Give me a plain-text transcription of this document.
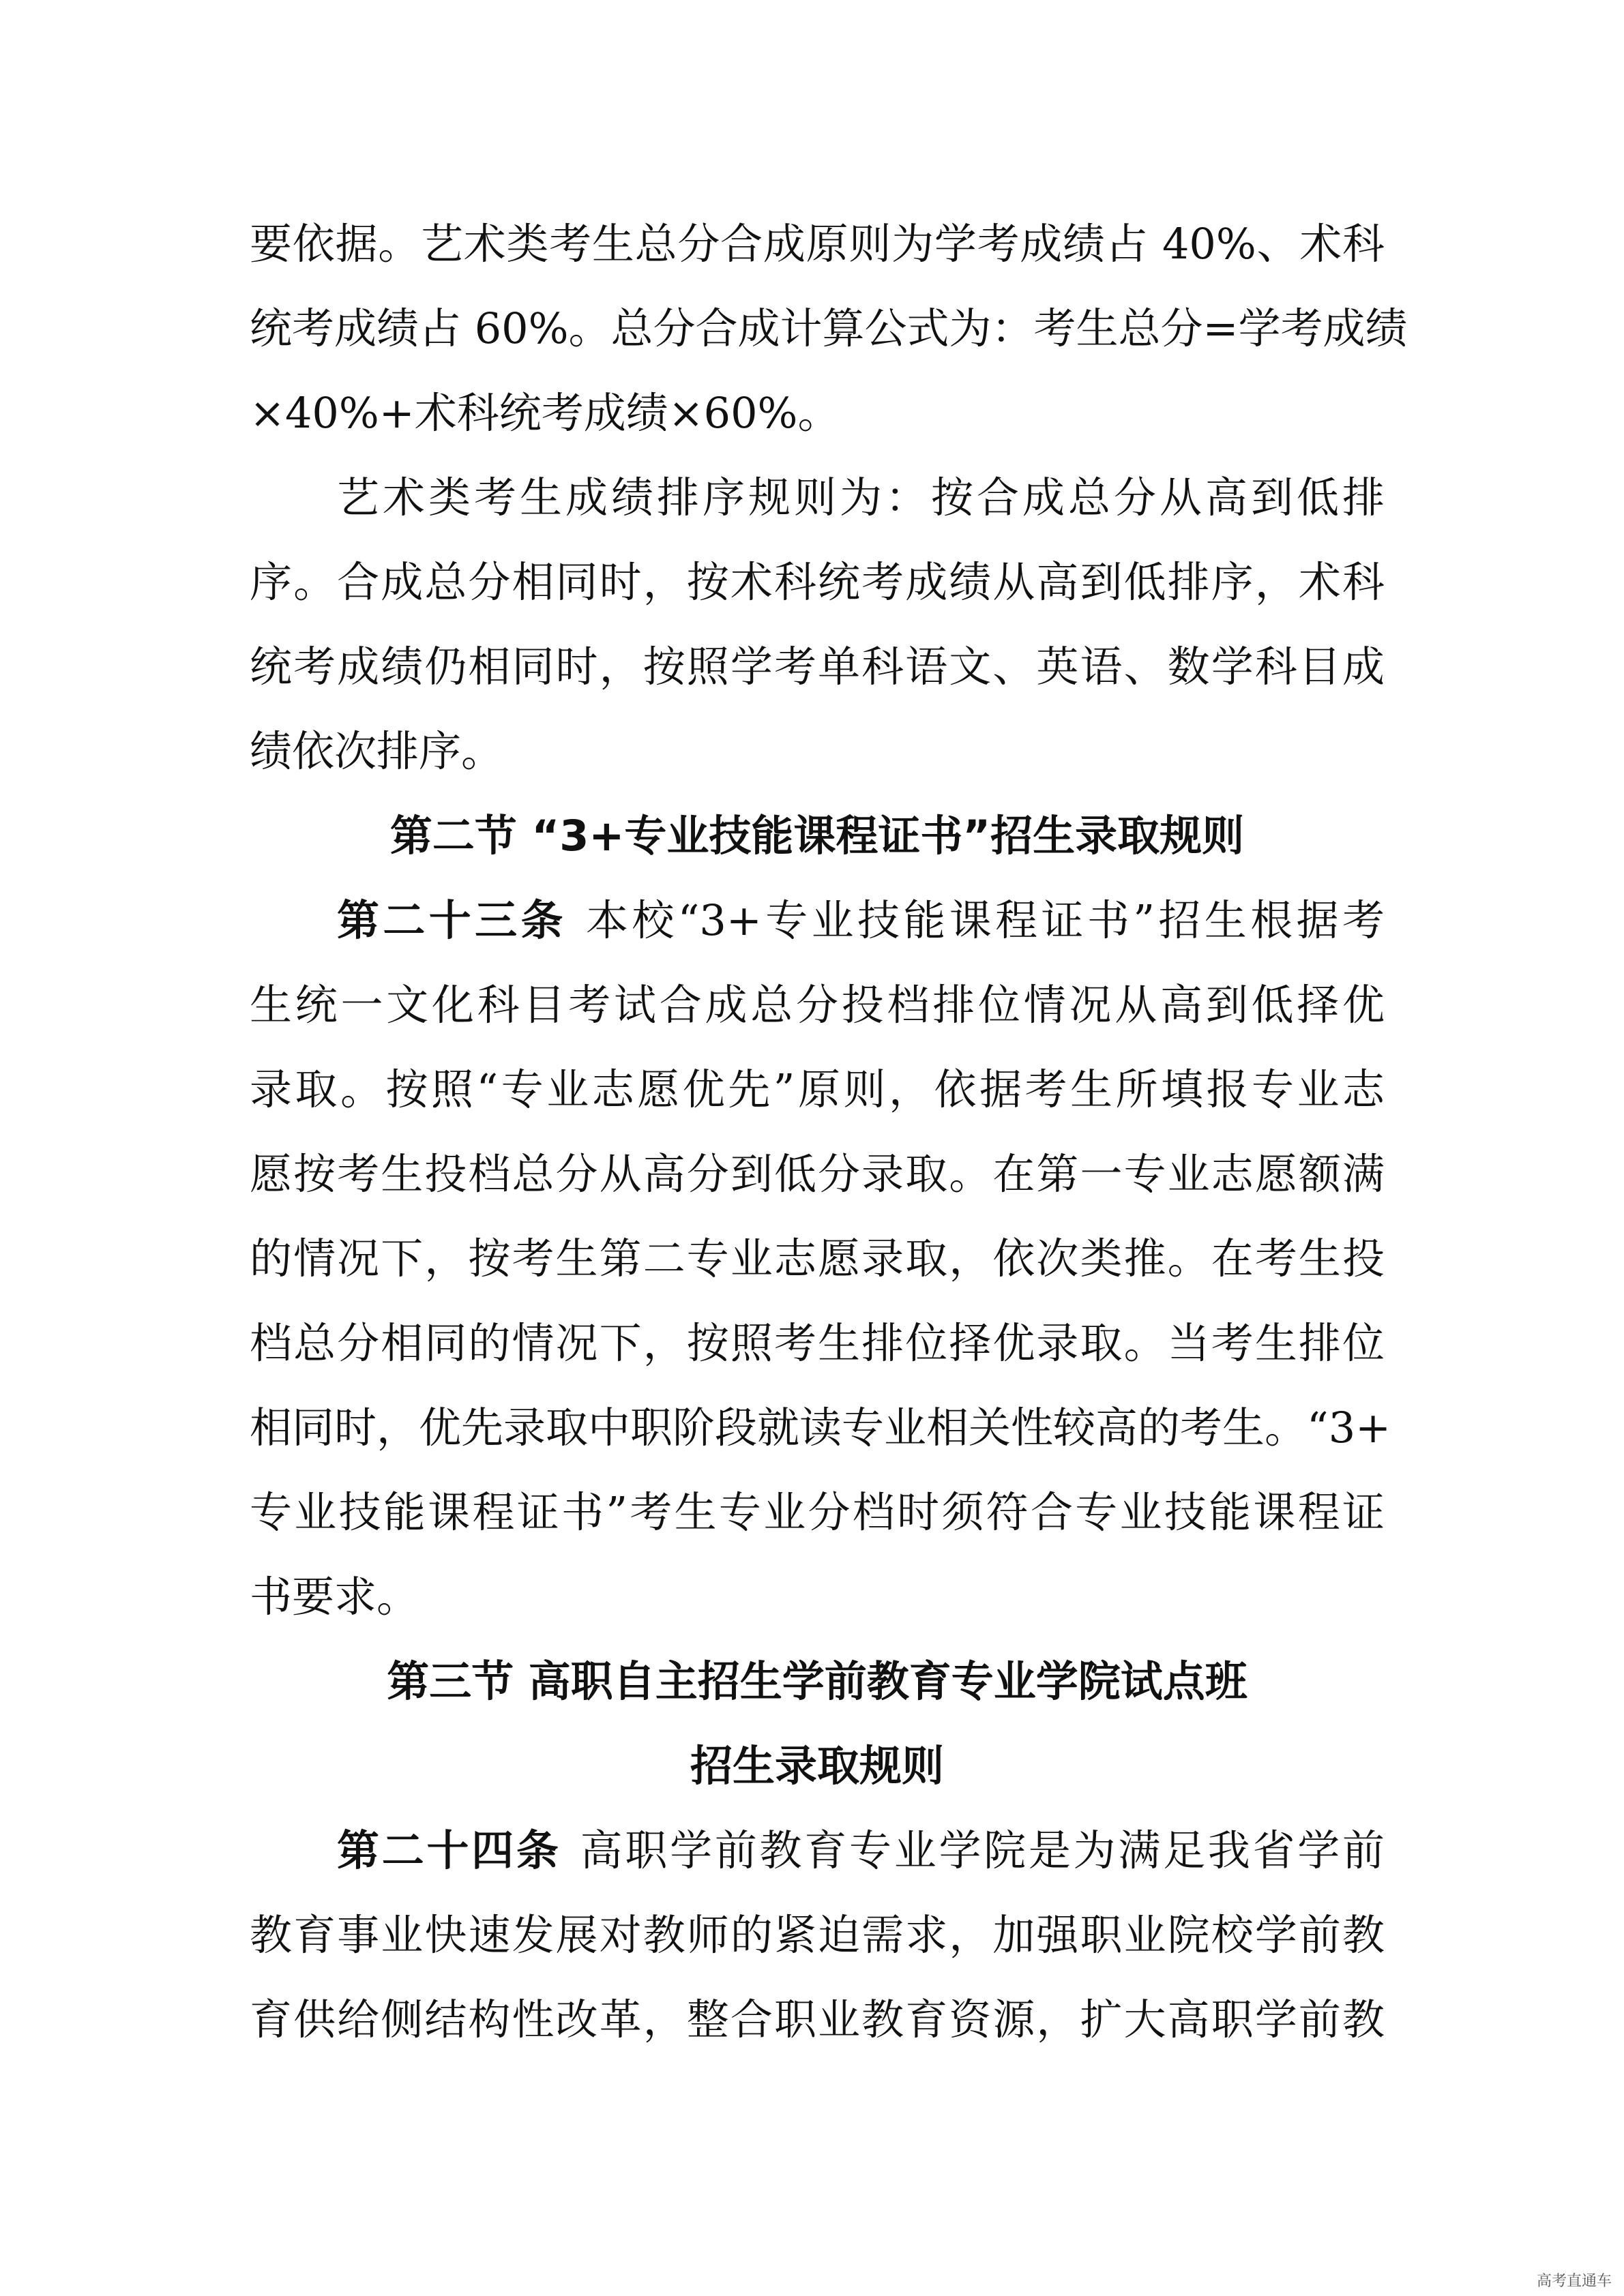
要依据。艺术类考生总分合成原则为学考成绩占 40%、术科
统考成绩占 60%。总分合成计算公式为：考生总分=学考成绩
×40%+术科统考成绩×60%。
艺术类考生成绩排序规则为：按合成总分从高到低排
序。合成总分相同时，按术科统考成绩从高到低排序，术科
统考成绩仍相同时，按照学考单科语文、英语、数学科目成
绩依次排序。
第二节 “3+专业技能课程证书”招生录取规则
第二十三条 本校“3+专业技能课程证书”招生根据考
生统一文化科目考试合成总分投档排位情况从高到低择优
录取。按照“专业志愿优先”原则，依据考生所填报专业志
愿按考生投档总分从高分到低分录取。在第一专业志愿额满
的情况下，按考生第二专业志愿录取，依次类推。在考生投
档总分相同的情况下，按照考生排位择优录取。当考生排位
相同时，优先录取中职阶段就读专业相关性较高的考生。“3+
专业技能课程证书”考生专业分档时须符合专业技能课程证
书要求。
第三节 高职自主招生学前教育专业学院试点班
招生录取规则
第二十四条 高职学前教育专业学院是为满足我省学前
教育事业快速发展对教师的紧迫需求，加强职业院校学前教
育供给侧结构性改革，整合职业教育资源，扩大高职学前教
高考直通车
